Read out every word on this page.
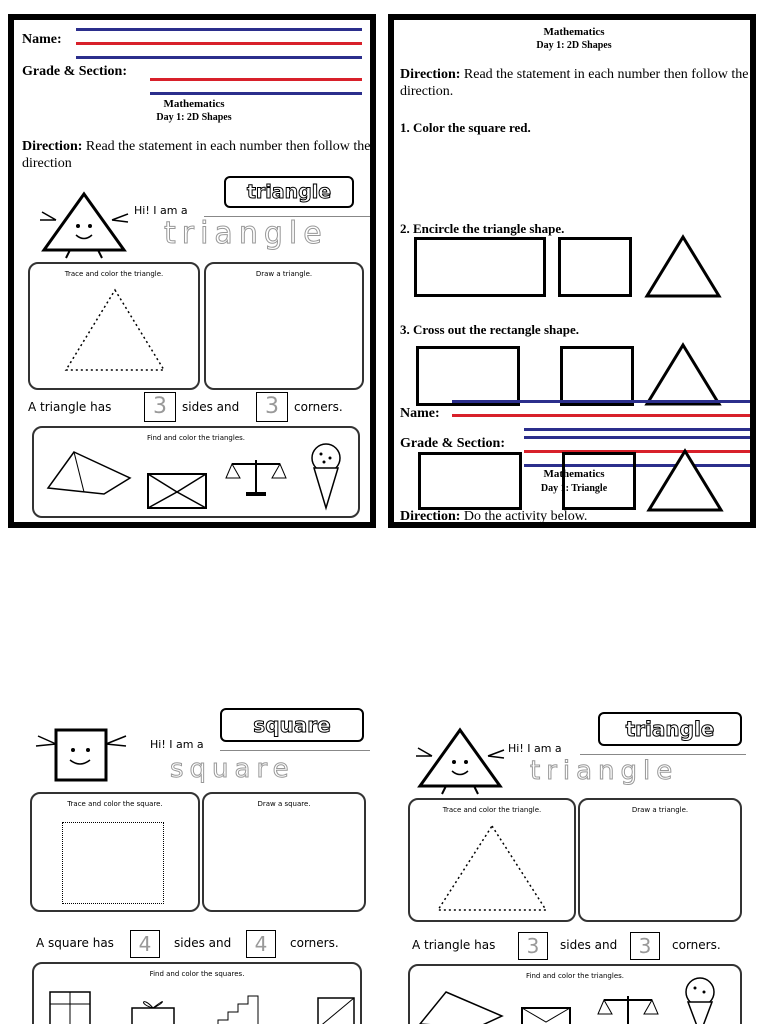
Name:
Grade & Section:
Mathematics
Day 1: 2D Shapes
Direction: Read the statement in each number then follow the direction
triangle
Hi! I am a
triangle
Trace and color the triangle.	Draw a triangle.
A triangle has	3	sides and	3	corners.
Find and color the triangles.
Mathematics
Day 1: 2D Shapes
Direction: Read the statement in each number then follow the direction.
1. Color the square red.
2. Encircle the triangle shape.
3. Cross out the rectangle shape.
Name:
Grade & Section:
Mathematics
Day 1: Triangle
Direction: Do the activity below.
square
Hi! I am a
square
Trace and color the square.	Draw a square.
A square has	4	sides and	4	corners.
Find and color the squares.
triangle
Hi! I am a
triangle
Trace and color the triangle.	Draw a triangle.
A triangle has	3	sides and	3	corners.
Find and color the triangles.
